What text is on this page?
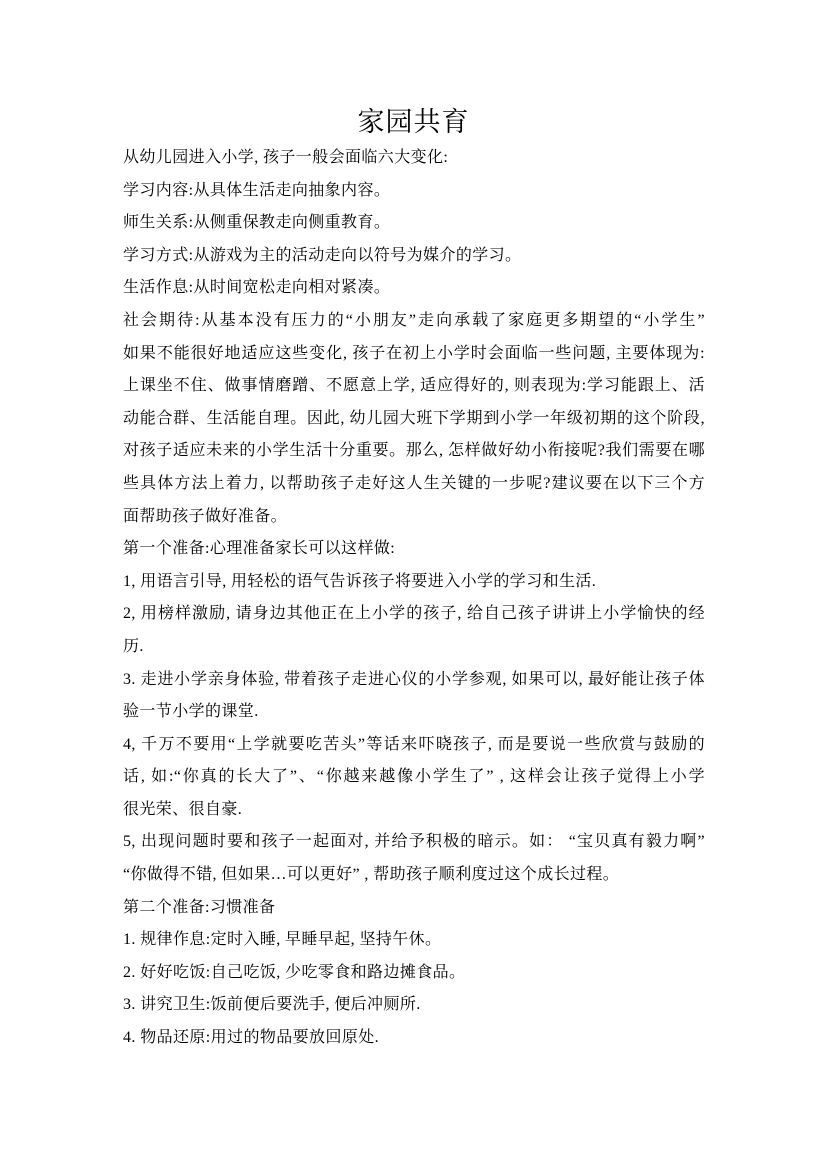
家园共育
从幼儿园进入小学, 孩子一般会面临六大变化:
学习内容:从具体生活走向抽象内容。
师生关系:从侧重保教走向侧重教育。
学习方式:从游戏为主的活动走向以符号为媒介的学习。
生活作息:从时间宽松走向相对紧凑。
社会期待:从基本没有压力的“小朋友”走向承载了家庭更多期望的“小学生”
如果不能很好地适应这些变化, 孩子在初上小学时会面临一些问题, 主要体现为:
上课坐不住、做事情磨蹭、不愿意上学, 适应得好的, 则表现为:学习能跟上、活
动能合群、生活能自理。因此, 幼儿园大班下学期到小学一年级初期的这个阶段,
对孩子适应未来的小学生活十分重要。那么, 怎样做好幼小衔接呢?我们需要在哪
些具体方法上着力, 以帮助孩子走好这人生关键的一步呢?建议要在以下三个方
面帮助孩子做好准备。
第一个准备:心理准备家长可以这样做:
1, 用语言引导, 用轻松的语气告诉孩子将要进入小学的学习和生活.
2, 用榜样激励, 请身边其他正在上小学的孩子, 给自己孩子讲讲上小学愉快的经
历.
3. 走进小学亲身体验, 带着孩子走进心仪的小学参观, 如果可以, 最好能让孩子体
验一节小学的课堂.
4, 千万不要用“上学就要吃苦头”等话来吓晓孩子, 而是要说一些欣赏与鼓励的
话, 如:“你真的长大了”、“你越来越像小学生了” , 这样会让孩子觉得上小学
很光荣、很自豪.
5, 出现问题时要和孩子一起面对, 并给予积极的暗示。如： “宝贝真有毅力啊”
“你做得不错, 但如果…可以更好” , 帮助孩子顺利度过这个成长过程。
第二个准备:习惯准备
1. 规律作息:定时入睡, 早睡早起, 坚持午休。
2. 好好吃饭:自己吃饭, 少吃零食和路边摊食品。
3. 讲究卫生:饭前便后要洗手, 便后冲厕所.
4. 物品还原:用过的物品要放回原处.
